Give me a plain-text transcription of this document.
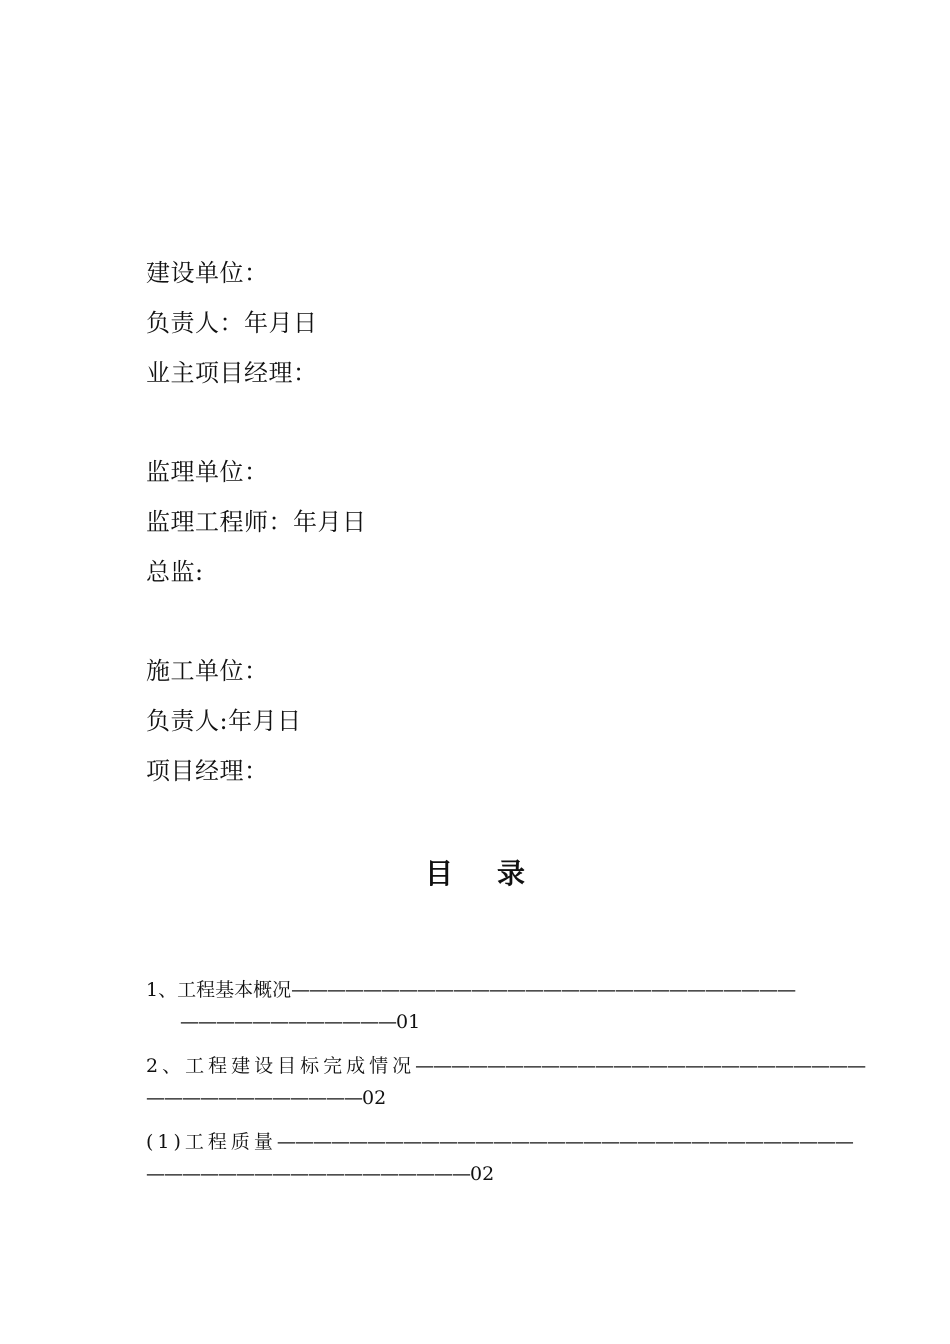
建设单位：
负责人：年月日
业主项目经理：
监理单位：
监理工程师：年月日
总监:
施工单位：
负责人:年月日
项目经理：
目 录
1、工程基本概况————————————————————————————
————————————01
2、工程建设目标完成情况—————————————————————————
————————————02
(1)工程质量————————————————————————————————
——————————————————02
